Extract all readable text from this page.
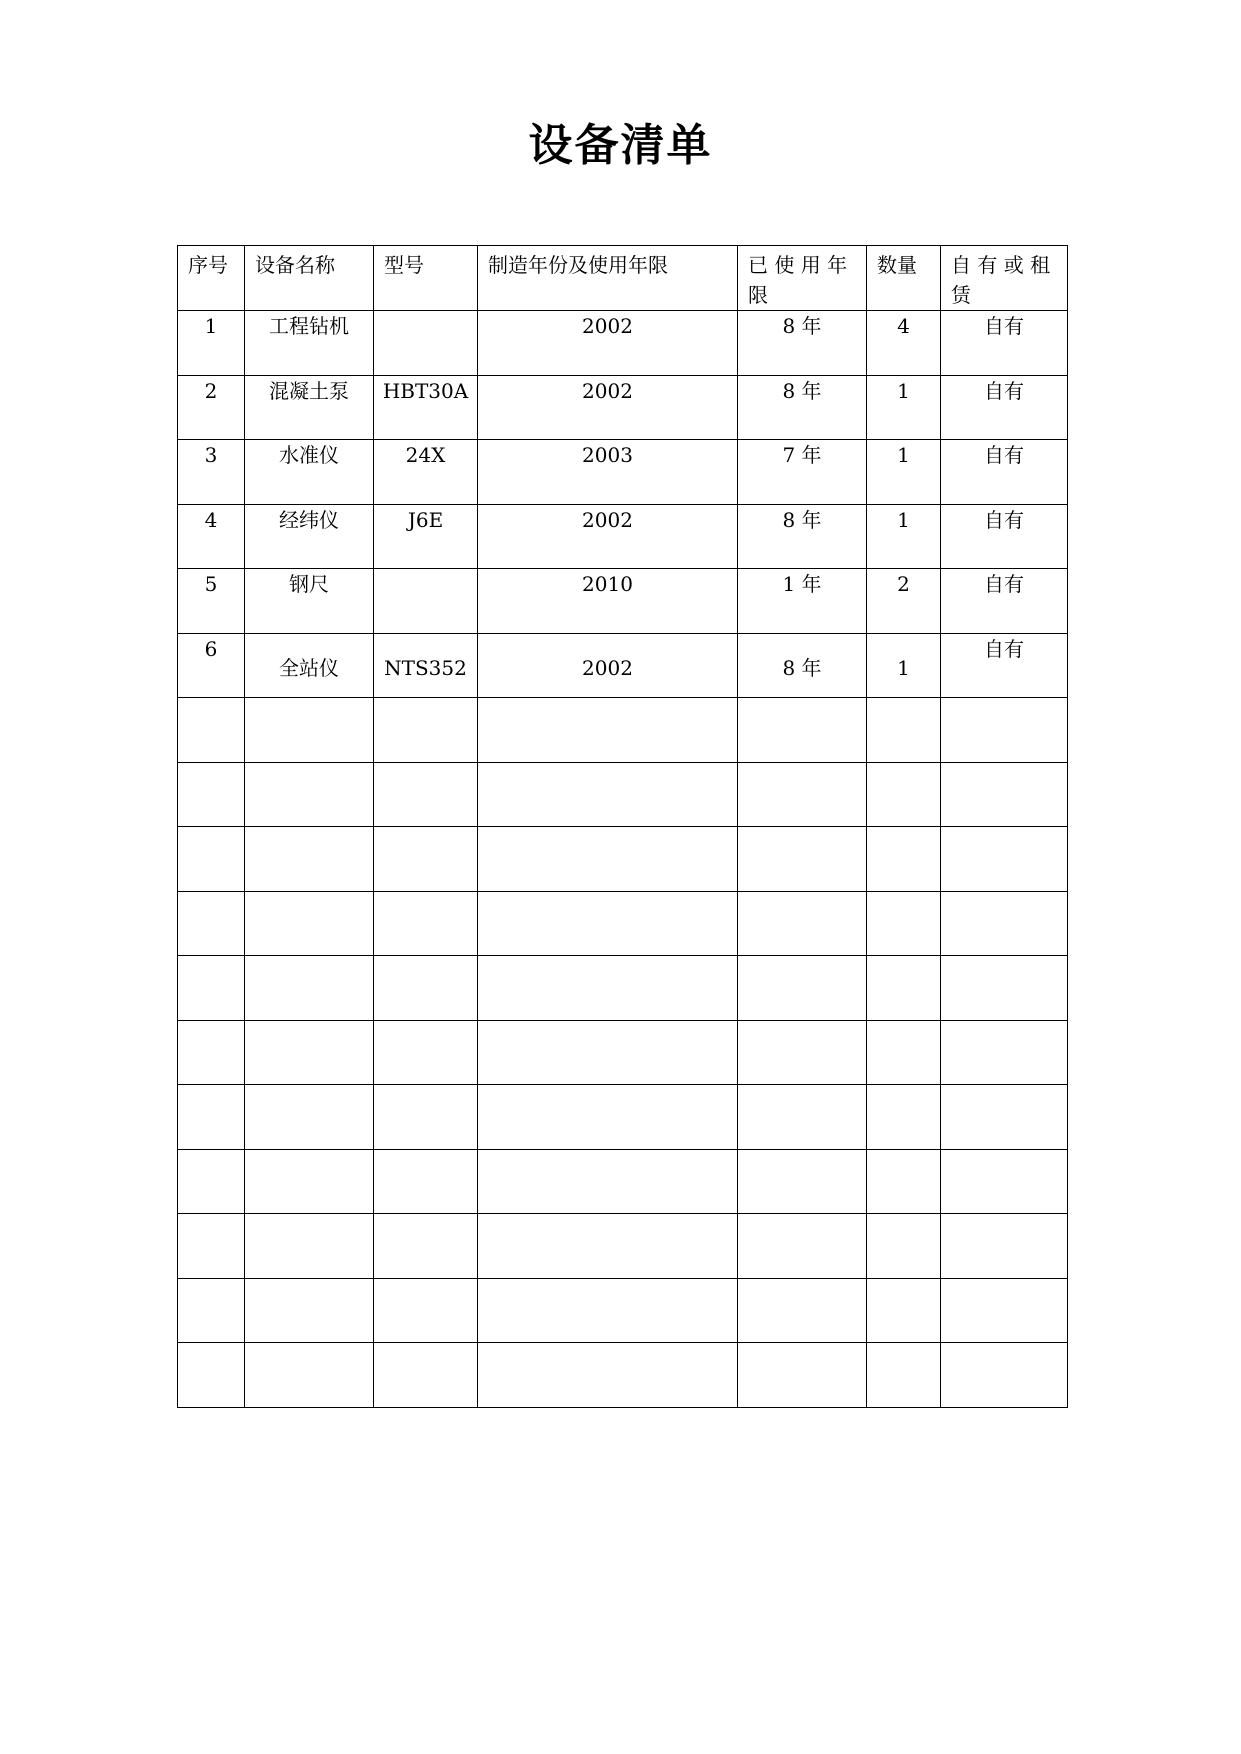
设备清单
序号	设备名称	型号	制造年份及使用年限	已 使 用 年 限	数量	自 有 或 租 赁
1	工程钻机		2002	8 年	4	自有
2	混凝土泵	HBT30A	2002	8 年	1	自有
3	水准仪	24X	2003	7 年	1	自有
4	经纬仪	J6E	2002	8 年	1	自有
5	钢尺		2010	1 年	2	自有
6	全站仪	NTS352	2002	8 年	1	自有
